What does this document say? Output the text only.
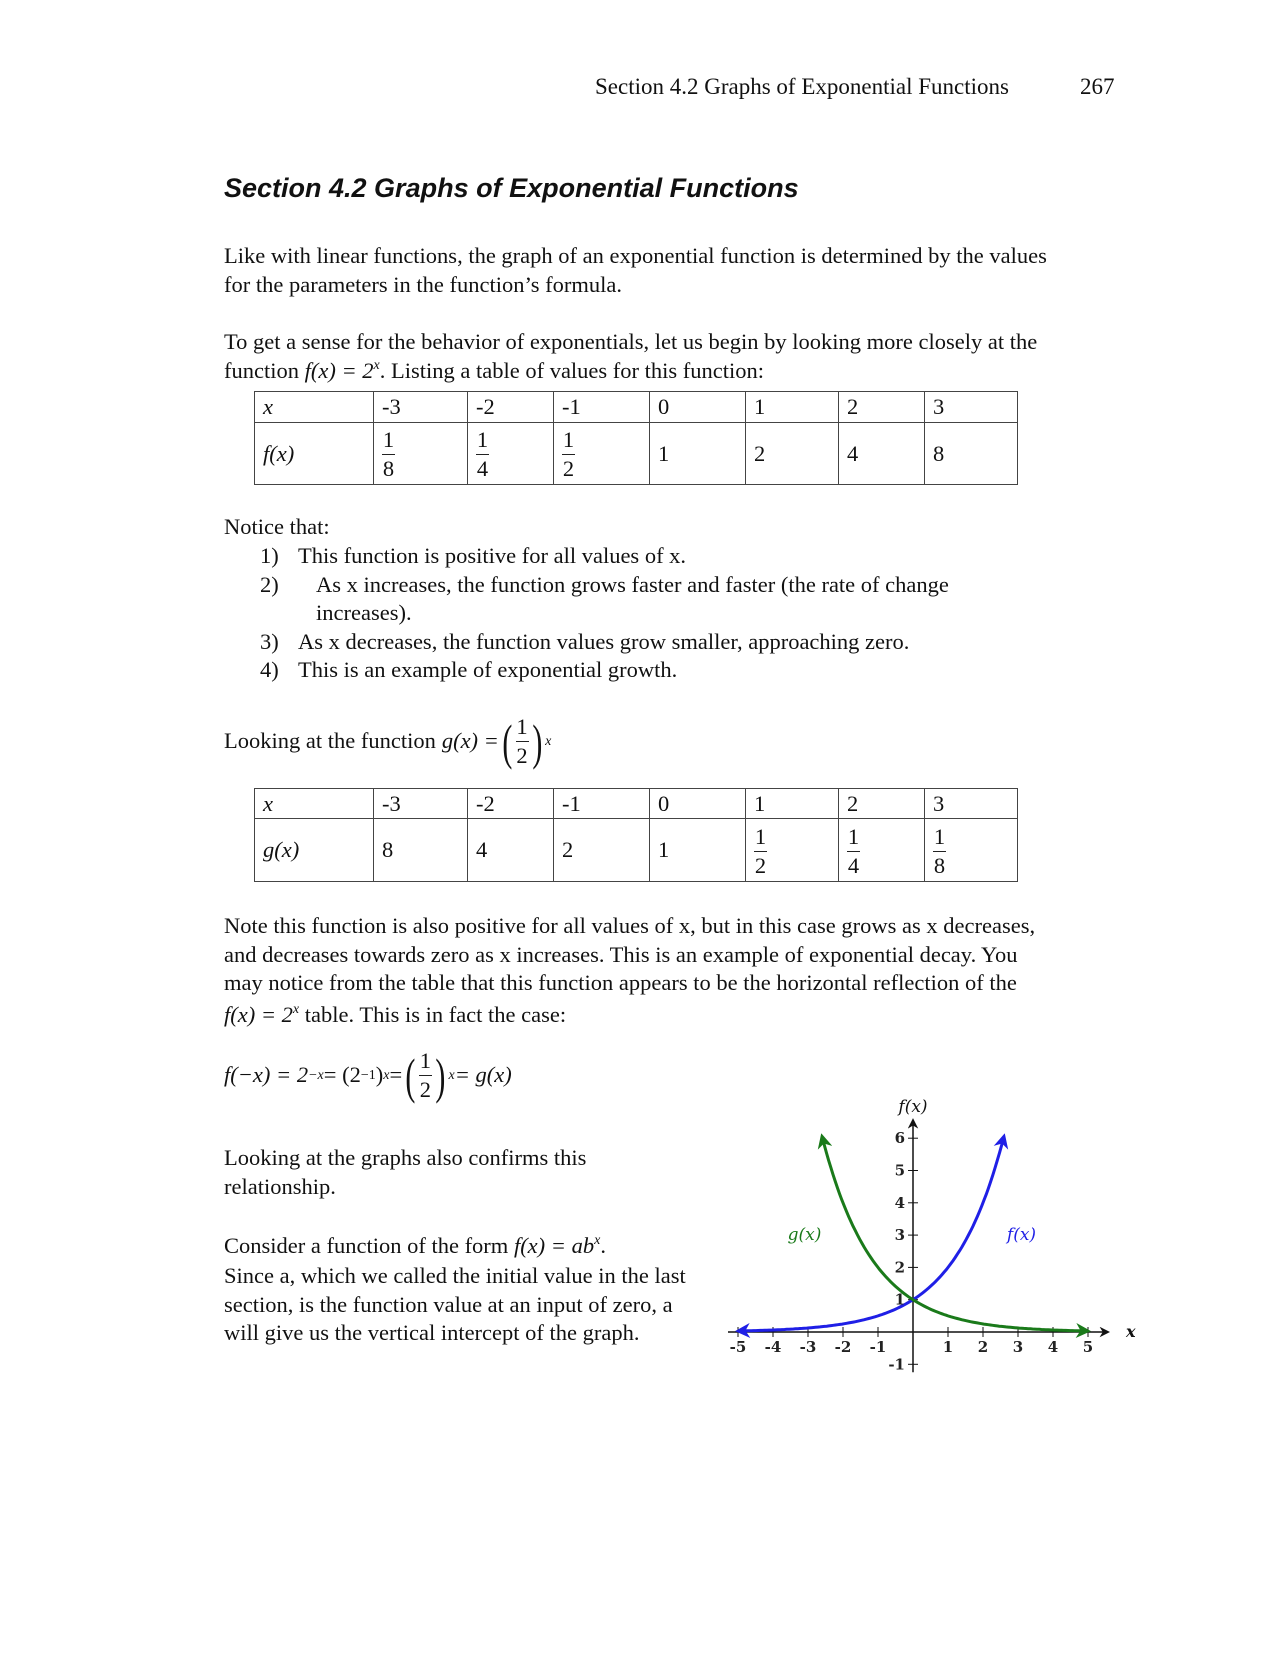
Section 4.2 Graphs of Exponential Functions	267
Section 4.2 Graphs of Exponential Functions
Like with linear functions, the graph of an exponential function is determined by the values for the parameters in the function’s formula.
To get a sense for the behavior of exponentials, let us begin by looking more closely at the function $f(x) = 2^x$. Listing a table of values for this function:
x	-3	-2	-1	0	1	2	3
f(x)	$\frac{1}{8}$	$\frac{1}{4}$	$\frac{1}{2}$	1	2	4	8
Notice that:
1) This function is positive for all values of x.
2) As x increases, the function grows faster and faster (the rate of change increases).
3) As x decreases, the function values grow smaller, approaching zero.
4) This is an example of exponential growth.
Looking at the function g(x) = ( $\frac{1}{2}$ ) x
x	-3	-2	-1	0	1	2	3
g(x)	8	4	2	1	$\frac{1}{2}$	$\frac{1}{4}$	$\frac{1}{8}$
Note this function is also positive for all values of x, but in this case grows as x decreases,
and decreases towards zero as x increases. This is an example of exponential decay. You
may notice from the table that this function appears to be the horizontal reflection of the
$f(x) = 2^x$ table. This is in fact the case:
f(−x) = 2 −x = (2 −1 ) x = ( $\frac{1}{2}$ ) x = g(x)
Looking at the graphs also confirms this relationship.
Consider a function of the form $f(x) = ab^x$.
Since a, which we called the initial value in the last section, is the function value at an input of zero, a will give us the vertical intercept of the graph.
-5 -4 -3 -2 -1	1 2 3 4 5
-1
1
2
3
4
5
6
x
f(x)
f(x)
g(x)
